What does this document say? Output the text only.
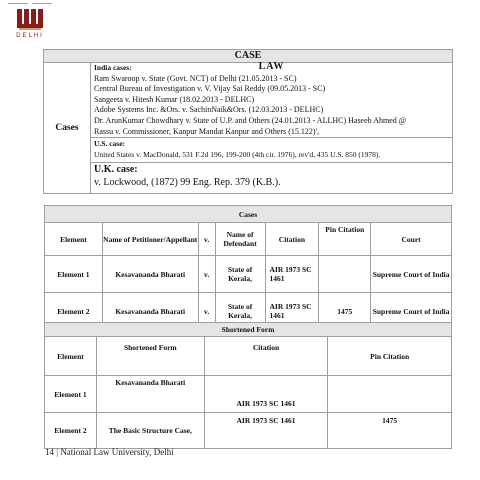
DELHI
CASE
Cases	
LAW
India cases:
Ram Swaroop v. State (Govt. NCT) of Delhi (21.05.2013 - SC)
Central Bureau of Investigation v. V. Vijay Sai Reddy (09.05.2013 - SC)
Sangeeta v. Hitesh Kumar (18.02.2013 - DELHC)
Adobe Systems Inc. &Ors. v. SachinNaik&Ors. (12.03.2013 - DELHC)
Dr. ArunKumar Chowdhary v. State of U.P. and Others (24.01.2013 - ALLHC) Haseeb Ahmed @
Rassu v. Commissioner, Kanpur Mandat Kanpur and Others (15.122)',

U.S. case:
United States v. MacDonald, 531 F.2d 196, 199-200 (4th cir. 1976), rev'd, 435 U.S. 850 (1978).

U.K. case:
v. Lockwood, (1872) 99 Eng. Rep. 379 (K.B.).
Cases						
Element	Name of Petitioner/Appellant	v.	Name of Defendant	Citation	Pin Citation	Court
Element 1	Kesavananda Bharati	v.	State of Kerala,	AIR 1973 SC 1461		Supreme Court of India
Element 2	Kesavananda Bharati	v.	State of Kerala,	AIR 1973 SC 1461	1475	Supreme Court of India
Shortened Form			
Element	Shortened Form	Citation	Pin Citation
Element 1	Kesavananda Bharati	AIR 1973 SC 1461	
Element 2	The Basic Structure Case,	AIR 1973 SC 1461	1475
14 | National Law University, Delhi
